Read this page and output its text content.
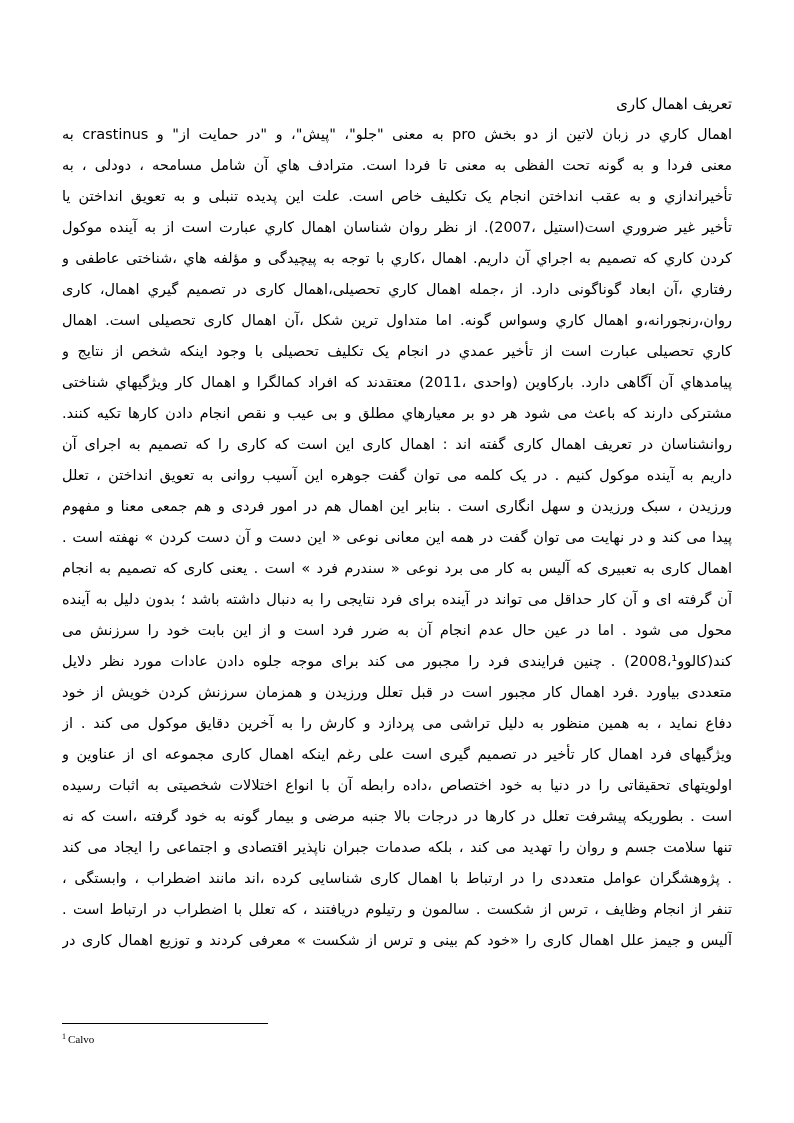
تعریف اهمال کاری

اهمال كاري در زبان لاتين از دو بخش pro به معنی "جلو"، "پيش"، و "در حمایت از" و crastinus به

معنی فردا و به گونه تحت الفظی به معنی تا فردا است. مترادف هاي آن شامل مسامحه ، دودلی ، به

تأخیراندازي و به عقب انداختن انجام یک تکلیف خاص است. علت این پدیده تنبلی و به تعویق انداختن یا

تأخیر غیر ضروري است(استیل ،2007). از نظر روان شناسان اهمال كاري عبارت است از به آینده موكول

كردن كاري كه تصميم به اجراي آن داريم. اهمال ،كاري با توجه به پیچیدگی و مؤلفه هاي ،شناختی عاطفی و

رفتاري ،آن ابعاد گوناگونی دارد. از ،جمله اهمال كاري تحصیلی،اهمال کاری در تصمیم گیري اهمال، کاری

روان،رنجورانه،و اهمال كاري وسواس گونه. اما متداول ترین شكل ،آن اهمال کاری تحصیلی است. اهمال

كاري تحصيلی عبارت است از تأخیر عمدي در انجام یک تکلیف تحصیلی با وجود اینکه شخص از نتایج و

پيامدهاي آن آگاهی دارد. باركاوين (واحدی ،2011) معتقدند که افراد کمالگرا و اهمال کار ويژگيهاي شناختی

مشترکی دارند كه باعث می شود هر دو بر معيارهاي مطلق و بی عیب و نقص انجام دادن كارها تکیه کنند.

روانشناسان در تعریف اهمال کاری گفته اند : اهمال کاری این است که کاری را که تصمیم به اجرای آن

داریم به آینده موکول کنیم . در یک کلمه می توان گفت جوهره این آسیب روانی به تعویق انداختن ، تعلل

ورزیدن ، سبک ورزیدن و سهل انگاری است . بنابر این اهمال هم در امور فردی و هم جمعی معنا و مفهوم

پیدا می کند و در نهایت می توان گفت در همه این معانی نوعی « این دست و آن دست کردن » نهفته است .

اهمال کاری به تعبیری که آلیس به کار می برد نوعی « سندرم فرد » است . یعنی کاری که تصمیم به انجام

آن گرفته ای و آن کار حداقل می تواند در آینده برای فرد نتایجی را به دنبال داشته باشد ؛ بدون دلیل به آینده

محول می شود . اما در عین حال عدم انجام آن به ضرر فرد است و از این بابت خود را سرزنش می

کند(کالوو2008،¹) . چنین فرایندی فرد را مجبور می کند برای موجه جلوه دادن عادات مورد نظر دلایل

متعددی بیاورد .فرد اهمال کار مجبور است در قبل تعلل ورزیدن و همزمان سرزنش کردن خویش از خود

دفاع نماید ، به همین منظور به دلیل تراشی می پردازد و کارش را به آخرین دقایق موکول می کند . از

ویژگیهای فرد اهمال کار تأخیر در تصمیم گیری است علی رغم اینکه اهمال کاری مجموعه ای از عناوین و

اولویتهای تحقیقاتی را در دنیا به خود اختصاص ،داده رابطه آن با انواع اختلالات شخصیتی به اثبات رسیده

است . بطوریکه پیشرفت تعلل در کارها در درجات بالا جنبه مرضی و بیمار گونه به خود گرفته ،است که نه

تنها سلامت جسم و روان را تهدید می کند ، بلکه صدمات جبران ناپذیر اقتصادی و اجتماعی را ایجاد می کند

. پژوهشگران عوامل متعددی را در ارتباط با اهمال کاری شناسایی کرده ،اند مانند اضطراب ، وابستگی ،

تنفر از انجام وظایف ، ترس از شکست . سالمون و رتیلوم دریافتند ، که تعلل با اضطراب در ارتباط است .

آلیس و جیمز علل اهمال کاری را «خود کم بینی و ترس از شکست » معرفی کردند و توزیع اهمال کاری در

$^1$ Calvo
